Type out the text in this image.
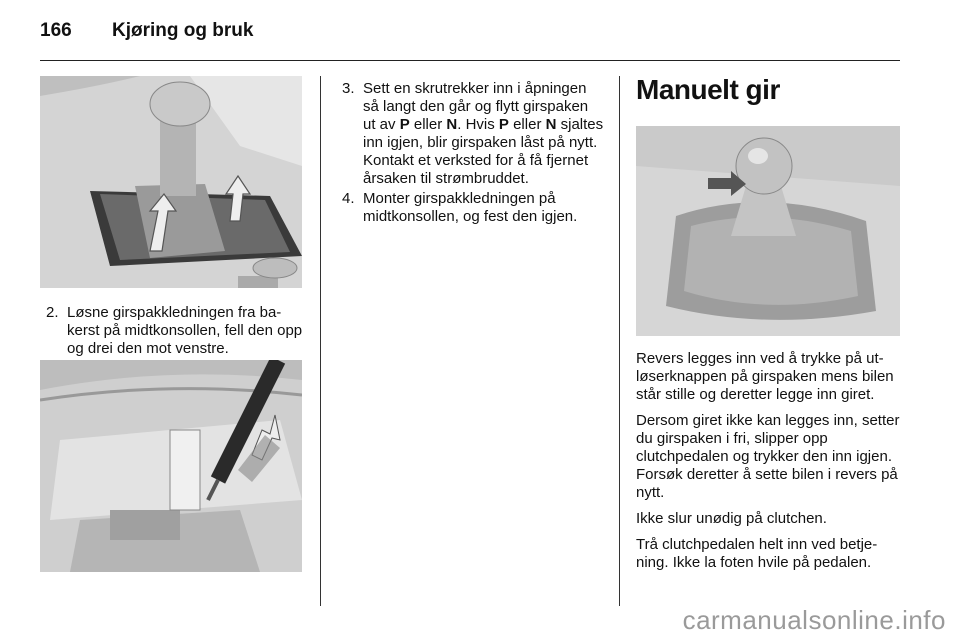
166 Kjøring og bruk
2. Løsne girspakkledningen fra bakerst på midtkonsollen, fell den opp og drei den mot venstre.
3. Sett en skrutrekker inn i åpningen så langt den går og flytt girspaken ut av P eller N. Hvis P eller N sjaltes inn igjen, blir girspaken låst på nytt. Kontakt et verksted for å få fjernet årsaken til strømbruddet.
4. Monter girspakkledningen på midtkonsollen, og fest den igjen.
Manuelt gir

Revers legges inn ved å trykke på utløserknappen på girspaken mens bilen står stille og deretter legge inn giret.

Dersom giret ikke kan legges inn, setter du girspaken i fri, slipper opp clutchpedalen og trykker den inn igjen. Forsøk deretter å sette bilen i revers på nytt.

Ikke slur unødig på clutchen.

Trå clutchpedalen helt inn ved betjening. Ikke la foten hvile på pedalen.

carmanualsonline.info
